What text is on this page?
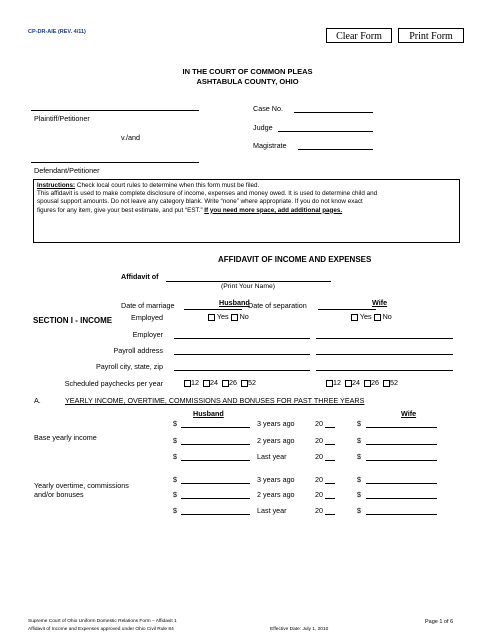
CP-DR-AIE (REV. 4/11)	Clear Form	Print Form
IN THE COURT OF COMMON PLEAS
ASHTABULA COUNTY, OHIO
Plaintiff/Petitioner
v./and
Defendant/Petitioner
Case No.
Judge
Magistrate
Instructions: Check local court rules to determine when this form must be filed.
This affidavit is used to make complete disclosure of income, expenses and money owed. It is used to determine child and
spousal support amounts. Do not leave any category blank. Write “none” where appropriate. If you do not know exact
figures for any item, give your best estimate, and put “EST.” If you need more space, add additional pages.
AFFIDAVIT OF INCOME AND EXPENSES
Affidavit of
(Print Your Name)
Date of marriage	Date of separation
SECTION I - INCOME
Husband	Wife
Employed	Yes No	Yes No
Employer
Payroll address
Payroll city, state, zip
Scheduled paychecks per year	12 24 26 52	12 24 26 52
A.	YEARLY INCOME, OVERTIME, COMMISSIONS AND BONUSES FOR PAST THREE YEARS
Husband	Wife
Base yearly income
Yearly overtime, commissions
and/or bonuses
$	3 years ago	20	$
$	2 years ago	20	$
$	Last year	20	$
$	3 years ago	20	$
$	2 years ago	20	$
$	Last year	20	$
Supreme Court of Ohio Uniform Domestic Relations Form – Affidavit 1
Affidavit of Income and Expenses approved under Ohio Civil Rule 84	Effective Date: July 1, 2010
Page 1 of 6
